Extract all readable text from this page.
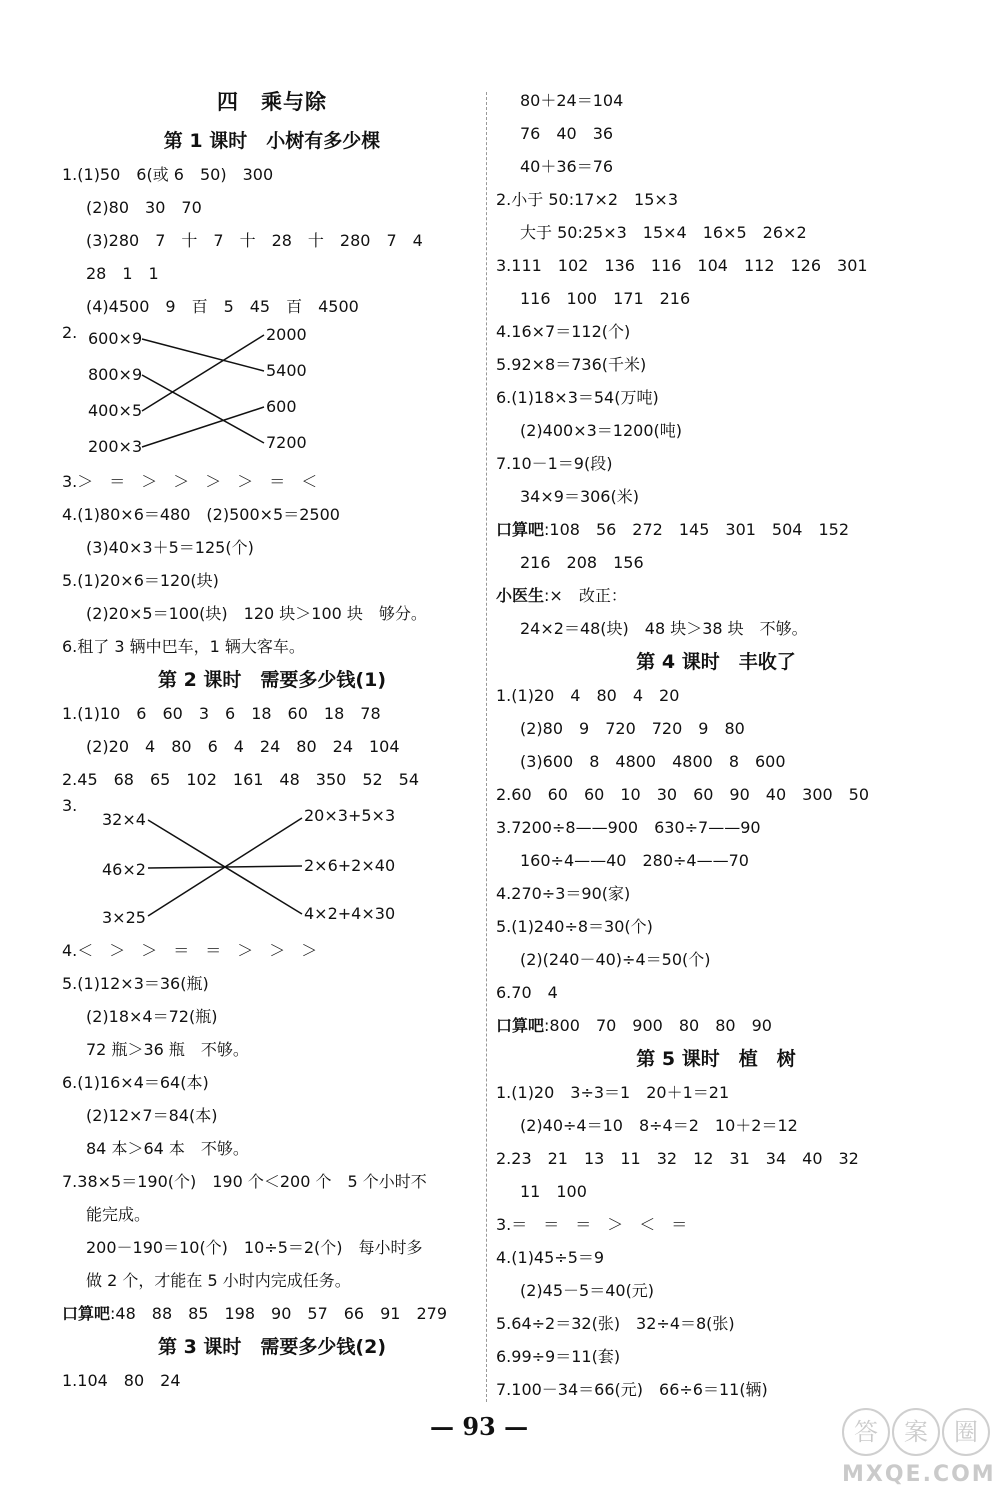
四　乘与除
第 1 课时　小树有多少棵
1.(1)50　6(或 6　50)　300
(2)80　30　70
(3)280　7　十　7　十　28　十　280　7　4
28　1　1
(4)4500　9　百　5　45　百　4500
2. 600×9
800×9
400×5
200×3
2000
5400
600
7200
3.＞　＝　＞　＞　＞　＞　＝　＜
4.(1)80×6＝480　(2)500×5＝2500
(3)40×3＋5＝125(个)
5.(1)20×6＝120(块)
(2)20×5＝100(块)　120 块＞100 块　够分。
6.租了 3 辆中巴车，1 辆大客车。
第 2 课时　需要多少钱(1)
1.(1)10　6　60　3　6　18　60　18　78
(2)20　4　80　6　4　24　80　24　104
2.45　68　65　102　161　48　350　52　54
3.
32×4
46×2
3×25
20×3+5×3
2×6+2×40
4×2+4×30
4.＜　＞　＞　＝　＝　＞　＞　＞
5.(1)12×3＝36(瓶)
(2)18×4＝72(瓶)
72 瓶＞36 瓶　不够。
6.(1)16×4＝64(本)
(2)12×7＝84(本)
84 本＞64 本　不够。
7.38×5＝190(个)　190 个＜200 个　5 个小时不
能完成。
200－190＝10(个)　10÷5＝2(个)　每小时多
做 2 个，才能在 5 小时内完成任务。
口算吧:48　88　85　198　90　57　66　91　279
第 3 课时　需要多少钱(2)
1.104　80　24
80＋24＝104
76　40　36
40＋36＝76
2.小于 50:17×2　15×3
大于 50:25×3　15×4　16×5　26×2
3.111　102　136　116　104　112　126　301
116　100　171　216
4.16×7＝112(个)
5.92×8＝736(千米)
6.(1)18×3＝54(万吨)
(2)400×3＝1200(吨)
7.10－1＝9(段)
34×9＝306(米)
口算吧:108　56　272　145　301　504　152
216　208　156
小医生:×　改正：
24×2＝48(块)　48 块＞38 块　不够。
第 4 课时　丰收了
1.(1)20　4　80　4　20
(2)80　9　720　720　9　80
(3)600　8　4800　4800　8　600
2.60　60　60　10　30　60　90　40　300　50
3.7200÷8——900　630÷7——90
160÷4——40　280÷4——70
4.270÷3＝90(家)
5.(1)240÷8＝30(个)
(2)(240－40)÷4＝50(个)
6.70　4
口算吧:800　70　900　80　80　90
第 5 课时　植　树
1.(1)20　3÷3＝1　20＋1＝21
(2)40÷4＝10　8÷4＝2　10＋2＝12
2.23　21　13　11　32　12　31　34　40　32
11　100
3.＝　＝　＝　＞　＜　＝
4.(1)45÷5＝9
(2)45－5＝40(元)
5.64÷2＝32(张)　32÷4＝8(张)
6.99÷9＝11(套)
7.100－34＝66(元)　66÷6＝11(辆)
— 93 —	答	案	圈
MXQE.COM
